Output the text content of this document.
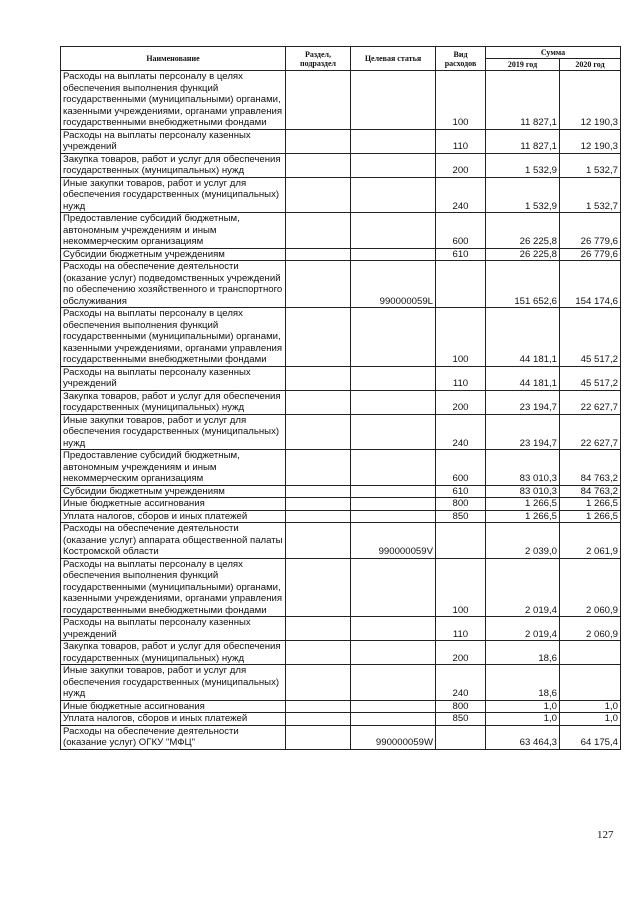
Наименование	Раздел, подраздел	Целевая статья	Вид расходов	Сумма	
				2019 год	2020 год
Расходы на выплаты персоналу в целях обеспечения выполнения функций государственными (муниципальными) органами, казенными учреждениями, органами управления государственными внебюджетными фондами			100	11 827,1	12 190,3
Расходы на выплаты персоналу казенных учреждений			110	11 827,1	12 190,3
Закупка товаров, работ и услуг для обеспечения государственных (муниципальных) нужд			200	1 532,9	1 532,7
Иные закупки товаров, работ и услуг для обеспечения государственных (муниципальных) нужд			240	1 532,9	1 532,7
Предоставление субсидий бюджетным, автономным учреждениям и иным некоммерческим организациям			600	26 225,8	26 779,6
Субсидии бюджетным учреждениям			610	26 225,8	26 779,6
Расходы на обеспечение деятельности (оказание услуг) подведомственных учреждений по обеспечению хозяйственного и транспортного обслуживания		990000059L		151 652,6	154 174,6
Расходы на выплаты персоналу в целях обеспечения выполнения функций государственными (муниципальными) органами, казенными учреждениями, органами управления государственными внебюджетными фондами			100	44 181,1	45 517,2
Расходы на выплаты персоналу казенных учреждений			110	44 181,1	45 517,2
Закупка товаров, работ и услуг для обеспечения государственных (муниципальных) нужд			200	23 194,7	22 627,7
Иные закупки товаров, работ и услуг для обеспечения государственных (муниципальных) нужд			240	23 194,7	22 627,7
Предоставление субсидий бюджетным, автономным учреждениям и иным некоммерческим организациям			600	83 010,3	84 763,2
Субсидии бюджетным учреждениям			610	83 010,3	84 763,2
Иные бюджетные ассигнования			800	1 266,5	1 266,5
Уплата налогов, сборов и иных платежей			850	1 266,5	1 266,5
Расходы на обеспечение деятельности (оказание услуг) аппарата общественной палаты Костромской области		990000059V		2 039,0	2 061,9
Расходы на выплаты персоналу в целях обеспечения выполнения функций государственными (муниципальными) органами, казенными учреждениями, органами управления государственными внебюджетными фондами			100	2 019,4	2 060,9
Расходы на выплаты персоналу казенных учреждений			110	2 019,4	2 060,9
Закупка товаров, работ и услуг для обеспечения государственных (муниципальных) нужд			200	18,6	
Иные закупки товаров, работ и услуг для обеспечения государственных (муниципальных) нужд			240	18,6	
Иные бюджетные ассигнования			800	1,0	1,0
Уплата налогов, сборов и иных платежей			850	1,0	1,0
Расходы на обеспечение деятельности (оказание услуг) ОГКУ "МФЦ"		990000059W		63 464,3	64 175,4
127
